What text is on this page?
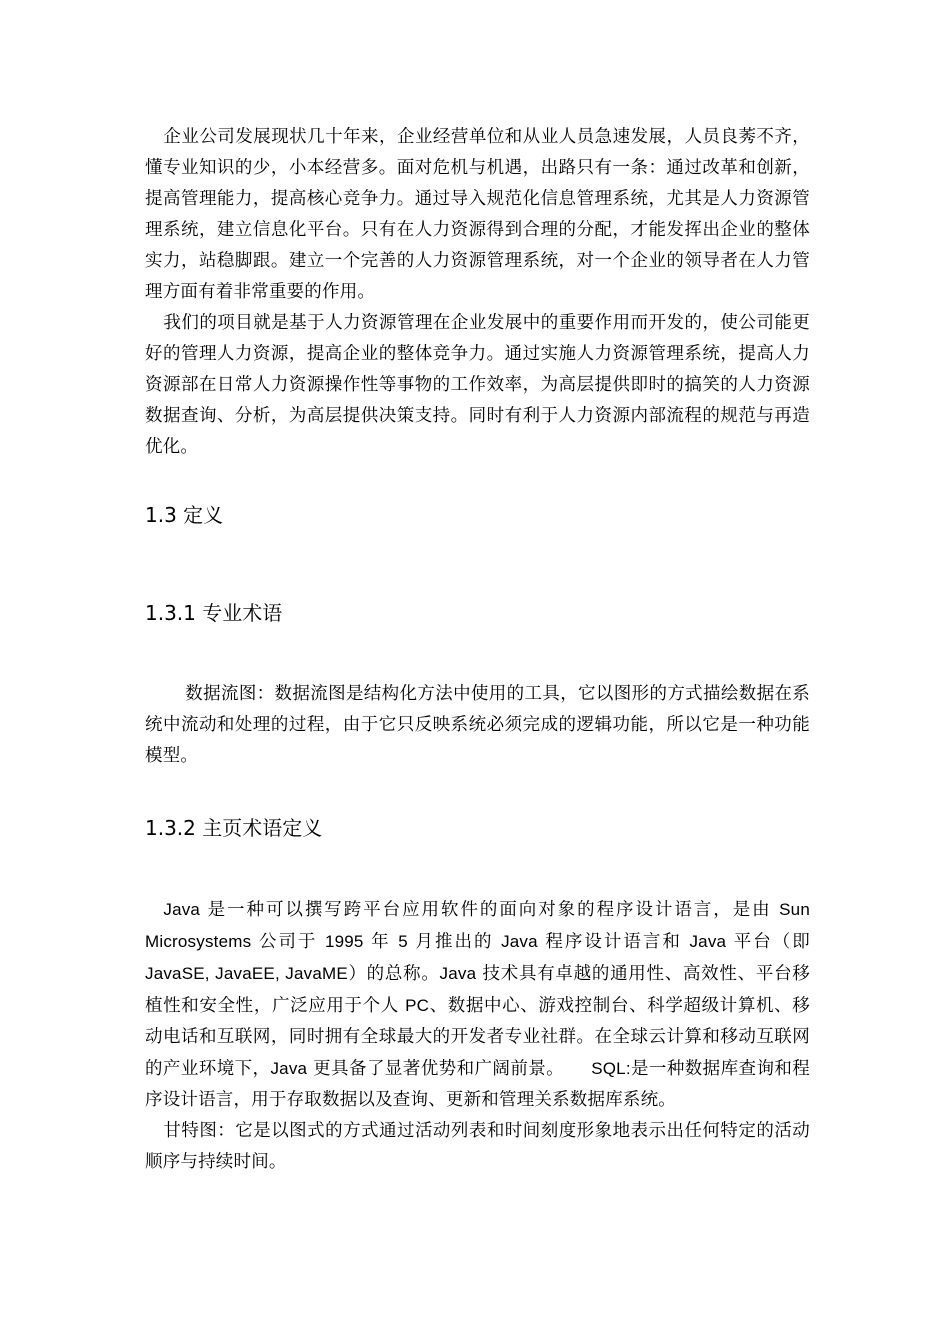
企业公司发展现状几十年来，企业经营单位和从业人员急速发展，人员良莠不齐，懂专业知识的少，小本经营多。面对危机与机遇，出路只有一条：通过改革和创新，提高管理能力，提高核心竞争力。通过导入规范化信息管理系统，尤其是人力资源管理系统，建立信息化平台。只有在人力资源得到合理的分配，才能发挥出企业的整体实力，站稳脚跟。建立一个完善的人力资源管理系统，对一个企业的领导者在人力管理方面有着非常重要的作用。

我们的项目就是基于人力资源管理在企业发展中的重要作用而开发的，使公司能更好的管理人力资源，提高企业的整体竞争力。通过实施人力资源管理系统，提高人力资源部在日常人力资源操作性等事物的工作效率，为高层提供即时的搞笑的人力资源数据查询、分析，为高层提供决策支持。同时有利于人力资源内部流程的规范与再造优化。

1.3 定义
1.3.1 专业术语

数据流图：数据流图是结构化方法中使用的工具，它以图形的方式描绘数据在系统中流动和处理的过程，由于它只反映系统必须完成的逻辑功能，所以它是一种功能模型。

1.3.2 主页术语定义

Java 是一种可以撰写跨平台应用软件的面向对象的程序设计语言，是由 Sun Microsystems 公司于 1995 年 5 月推出的 Java 程序设计语言和 Java 平台（即 JavaSE, JavaEE, JavaME）的总称。Java 技术具有卓越的通用性、高效性、平台移植性和安全性，广泛应用于个人 PC、数据中心、游戏控制台、科学超级计算机、移动电话和互联网，同时拥有全球最大的开发者专业社群。在全球云计算和移动互联网的产业环境下，Java 更具备了显著优势和广阔前景。　　SQL:是一种数据库查询和程序设计语言，用于存取数据以及查询、更新和管理关系数据库系统。

甘特图：它是以图式的方式通过活动列表和时间刻度形象地表示出任何特定的活动顺序与持续时间。
